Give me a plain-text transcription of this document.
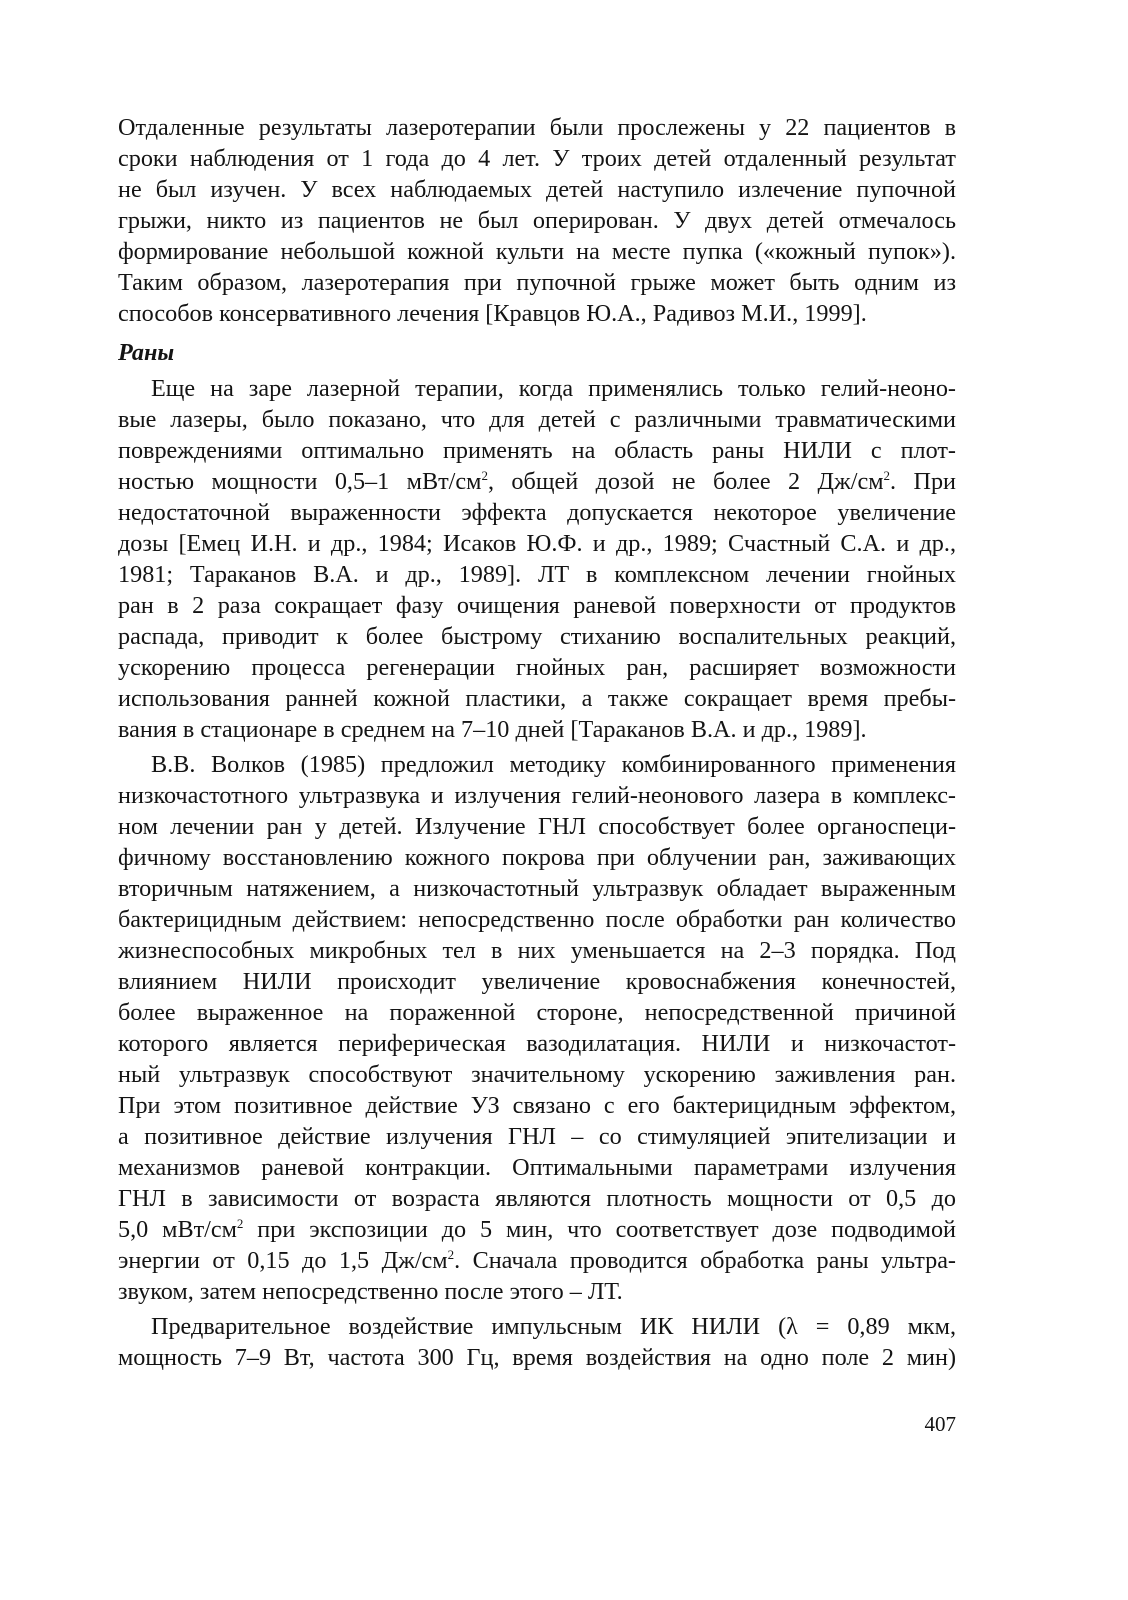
Отдаленные результаты лазеротерапии были прослежены у 22 пациентов в
сроки наблюдения от 1 года до 4 лет. У троих детей отдаленный результат
не был изучен. У всех наблюдаемых детей наступило излечение пупочной
грыжи, никто из пациентов не был оперирован. У двух детей отмечалось
формирование небольшой кожной культи на месте пупка («кожный пупок»).
Таким образом, лазеротерапия при пупочной грыже может быть одним из
способов консервативного лечения [Кравцов Ю.А., Радивоз М.И., 1999].
Раны
Еще на заре лазерной терапии, когда применялись только гелий-неоно-
вые лазеры, было показано, что для детей с различными травматическими
повреждениями оптимально применять на область раны НИЛИ с плот-
ностью мощности 0,5–1 мВт/$см^2$, общей дозой не более 2 $Дж/см^2$. При
недостаточной выраженности эффекта допускается некоторое увеличение
дозы [Емец И.Н. и др., 1984; Исаков Ю.Ф. и др., 1989; Счастный С.А. и др.,
1981; Тараканов В.А. и др., 1989]. ЛТ в комплексном лечении гнойных
ран в 2 раза сокращает фазу очищения раневой поверхности от продуктов
распада, приводит к более быстрому стиханию воспалительных реакций,
ускорению процесса регенерации гнойных ран, расширяет возможности
использования ранней кожной пластики, а также сокращает время пребы-
вания в стационаре в среднем на 7–10 дней [Тараканов В.А. и др., 1989].
В.В. Волков (1985) предложил методику комбинированного применения
низкочастотного ультразвука и излучения гелий-неонового лазера в комплекс-
ном лечении ран у детей. Излучение ГНЛ способствует более органоспеци-
фичному восстановлению кожного покрова при облучении ран, заживающих
вторичным натяжением, а низкочастотный ультразвук обладает выраженным
бактерицидным действием: непосредственно после обработки ран количество
жизнеспособных микробных тел в них уменьшается на 2–3 порядка. Под
влиянием НИЛИ происходит увеличение кровоснабжения конечностей,
более выраженное на пораженной стороне, непосредственной причиной
которого является периферическая вазодилатация. НИЛИ и низкочастот-
ный ультразвук способствуют значительному ускорению заживления ран.
При этом позитивное действие УЗ связано с его бактерицидным эффектом,
а позитивное действие излучения ГНЛ – со стимуляцией эпителизации и
механизмов раневой контракции. Оптимальными параметрами излучения
ГНЛ в зависимости от возраста являются плотность мощности от 0,5 до
5,0 мВт/$см^2$ при экспозиции до 5 мин, что соответствует дозе подводимой
энергии от 0,15 до 1,5 $Дж/см^2$. Сначала проводится обработка раны ультра-
звуком, затем непосредственно после этого – ЛТ.
Предварительное воздействие импульсным ИК НИЛИ (λ = 0,89 мкм,
мощность 7–9 Вт, частота 300 Гц, время воздействия на одно поле 2 мин)
407
